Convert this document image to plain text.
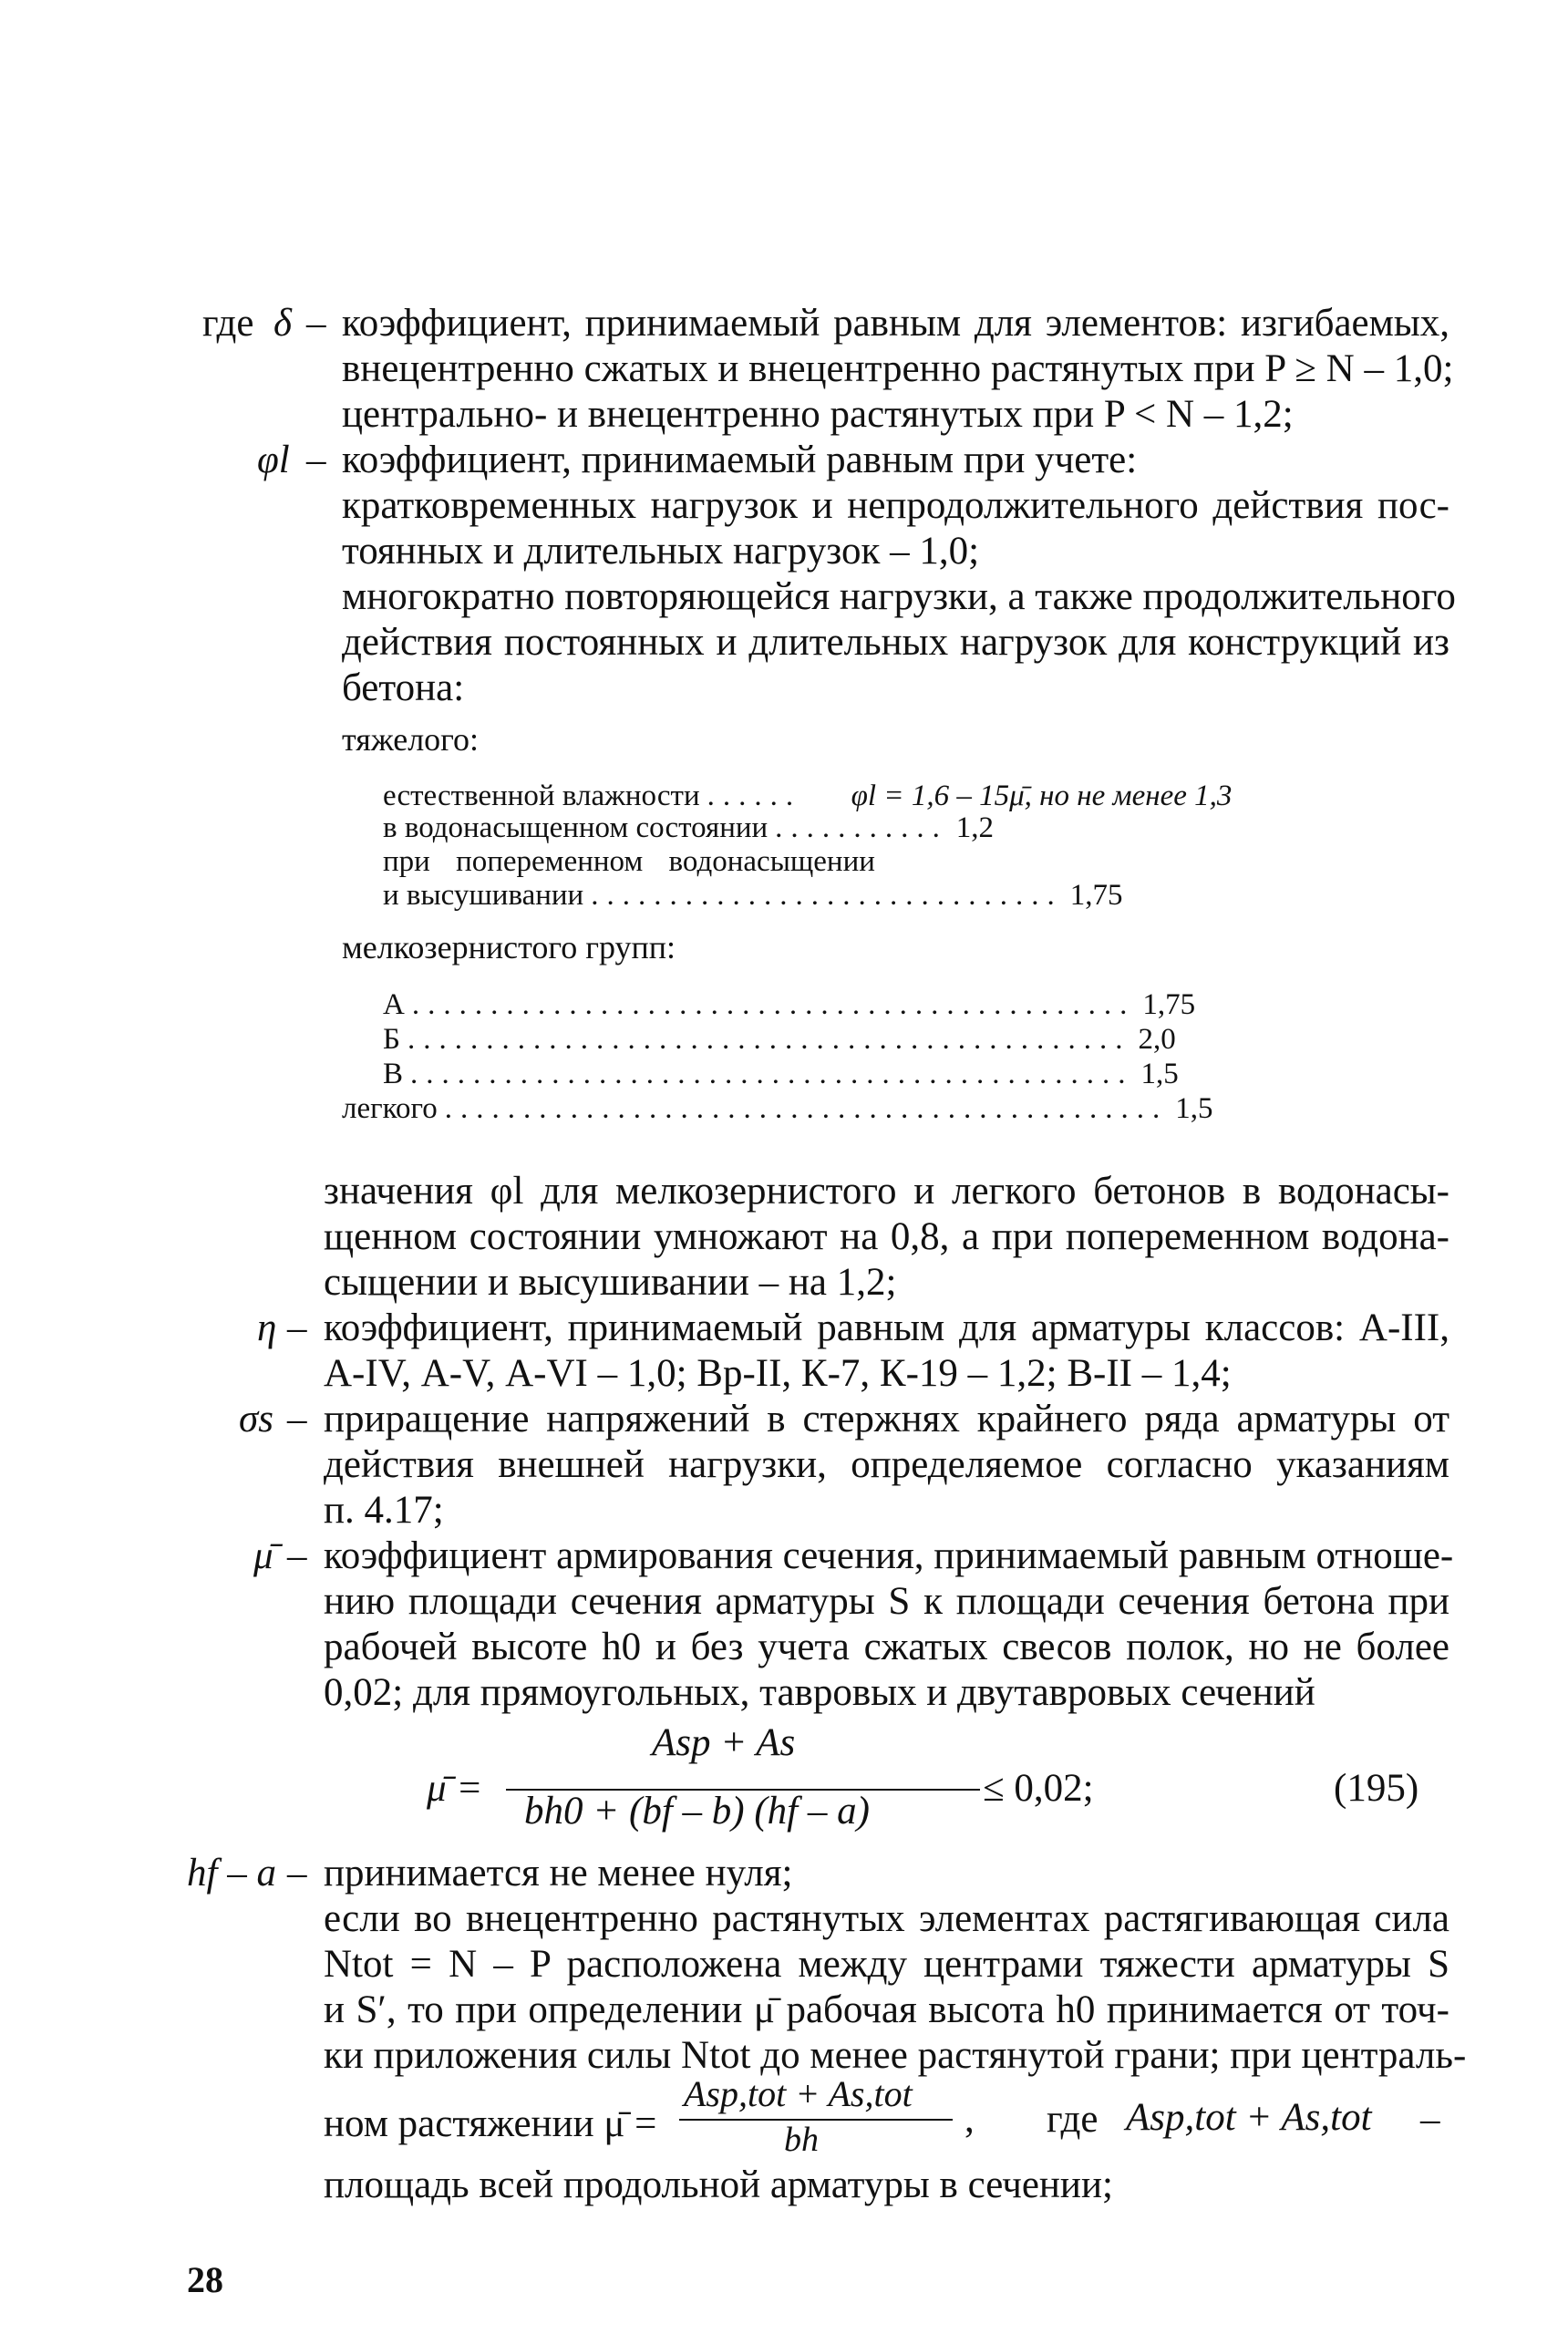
где δ – коэффициент, принимаемый равным для элементов: изгибаемых,
внецентренно сжатых и внецентренно растянутых при P ≥ N – 1,0;
центрально- и внецентренно растянутых при P < N – 1,2;
φl – коэффициент, принимаемый равным при учете:
кратковременных нагрузок и непродолжительного действия пос-
тоянных и длительных нагрузок – 1,0;
многократно повторяющейся нагрузки, а также продолжительного
действия постоянных и длительных нагрузок для конструкций из
бетона:
тяжелого:
естественной влажности ......	φl = 1,6 – 15μ̄, но не менее 1,3
в водонасыщенном состоянии ........... 1,2
при попеременном водонасыщении
и высушивании .............................. 1,75
мелкозернистого групп:
А .............................................. 1,75
Б .............................................. 2,0
В .............................................. 1,5
легкого .............................................. 1,5
значения φl для мелкозернистого и легкого бетонов в водонасы-
щенном состоянии умножают на 0,8, а при попеременном водона-
сыщении и высушивании – на 1,2;
η – коэффициент, принимаемый равным для арматуры классов: А-III,
А-IV, А-V, А-VI – 1,0; Вр-II, К-7, К-19 – 1,2; В-II – 1,4;
σs – приращение напряжений в стержнях крайнего ряда арматуры от
действия внешней нагрузки, определяемое согласно указаниям
п. 4.17;
μ̄ – коэффициент армирования сечения, принимаемый равным отноше-
нию площади сечения арматуры S к площади сечения бетона при
рабочей высоте h0 и без учета сжатых свесов полок, но не более
0,02; для прямоугольных, тавровых и двутавровых сечений
μ̄ =
Asp + As
bh0 + (bf – b) (hf – a)
≤ 0,02;	(195)
hf – a – принимается не менее нуля;
если во внецентренно растянутых элементах растягивающая сила
Ntot = N – P расположена между центрами тяжести арматуры S
и S′, то при определении μ̄ рабочая высота h0 принимается от точ-
ки приложения силы Ntot до менее растянутой грани; при централь-
ном растяжении μ̄ =
Asp,tot + As,tot
bh	, где Asp,tot + As,tot –
площадь всей продольной арматуры в сечении;
28
